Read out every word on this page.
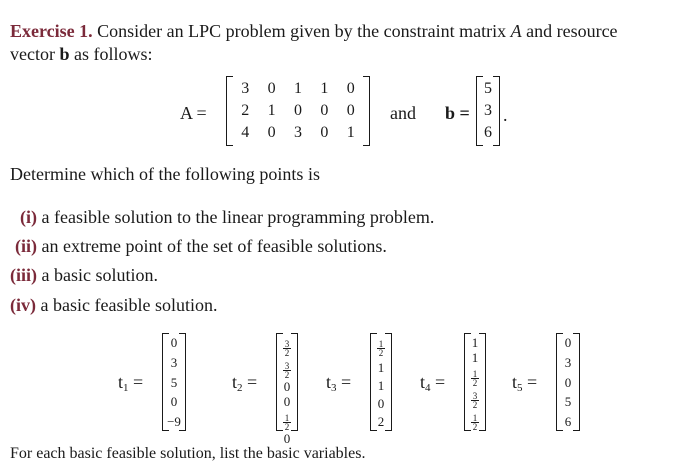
Exercise 1. Consider an LPC problem given by the constraint matrix A and resource
vector b as follows:
A =
3 0 1 1 0
2 1 0 0 0
4 0 3 0 1
and b =
5
3
6
.
Determine which of the following points is
(i) a feasible solution to the linear programming problem.
(ii) an extreme point of the set of feasible solutions.
(iii) a basic solution.
(iv) a basic feasible solution.
$t_1$ =
0
3
5
0
−9
$t_2$ =
$\frac{3}{2}$
$\frac{3}{2}$
0
0
$\frac{1}{2}$
0
$t_3$ =
$\frac{1}{2}$
1
1
0
2
$t_4$ =
1
1
$\frac{1}{2}$
$\frac{3}{2}$
$\frac{1}{2}$
$t_5$ =
0
3
0
5
6
For each basic feasible solution, list the basic variables.
